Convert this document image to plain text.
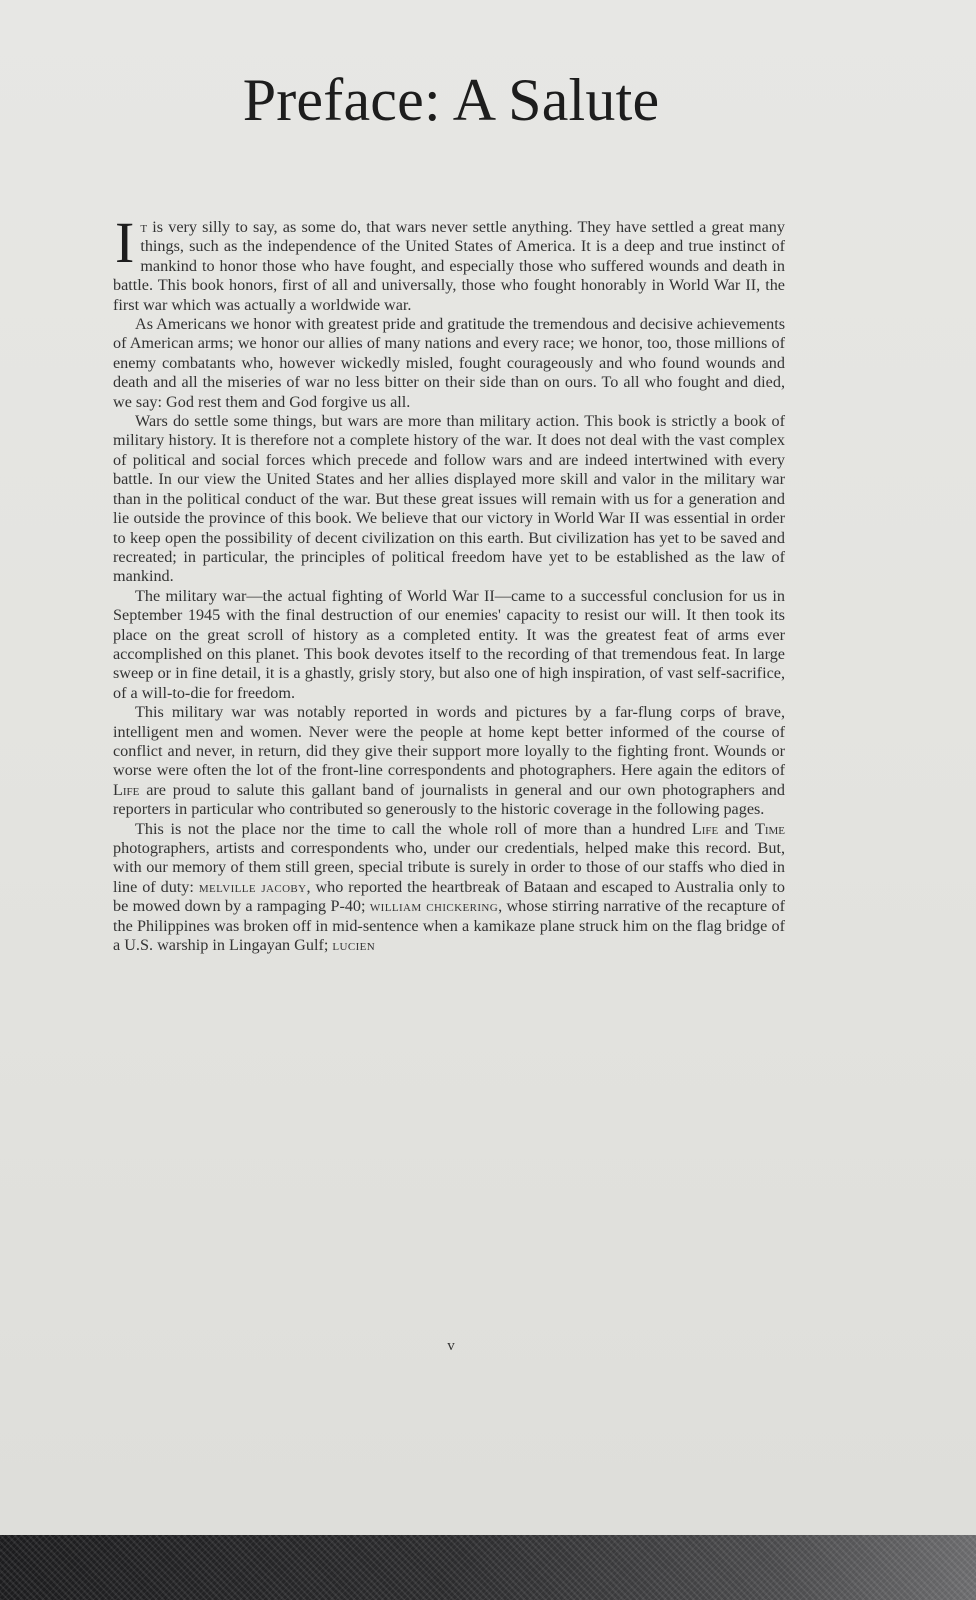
Preface: A Salute

It is very silly to say, as some do, that wars never settle anything. They have settled a great many things, such as the independence of the United States of America. It is a deep and true instinct of mankind to honor those who have fought, and especially those who suffered wounds and death in battle. This book honors, first of all and universally, those who fought honorably in World War II, the first war which was actually a worldwide war.

As Americans we honor with greatest pride and gratitude the tremendous and decisive achievements of American arms; we honor our allies of many nations and every race; we honor, too, those millions of enemy combatants who, however wickedly misled, fought courageously and who found wounds and death and all the miseries of war no less bitter on their side than on ours. To all who fought and died, we say: God rest them and God forgive us all.

Wars do settle some things, but wars are more than military action. This book is strictly a book of military history. It is therefore not a complete history of the war. It does not deal with the vast complex of political and social forces which precede and follow wars and are indeed intertwined with every battle. In our view the United States and her allies displayed more skill and valor in the military war than in the political conduct of the war. But these great issues will remain with us for a generation and lie outside the province of this book. We believe that our victory in World War II was essential in order to keep open the possibility of decent civilization on this earth. But civilization has yet to be saved and recreated; in particular, the principles of political freedom have yet to be established as the law of mankind.

The military war—the actual fighting of World War II—came to a successful conclusion for us in September 1945 with the final destruction of our enemies' capacity to resist our will. It then took its place on the great scroll of history as a completed entity. It was the greatest feat of arms ever accomplished on this planet. This book devotes itself to the recording of that tremendous feat. In large sweep or in fine detail, it is a ghastly, grisly story, but also one of high inspiration, of vast self-sacrifice, of a will-to-die for freedom.

This military war was notably reported in words and pictures by a far-flung corps of brave, intelligent men and women. Never were the people at home kept better informed of the course of conflict and never, in return, did they give their support more loyally to the fighting front. Wounds or worse were often the lot of the front-line correspondents and photographers. Here again the editors of Life are proud to salute this gallant band of journalists in general and our own photographers and reporters in particular who contributed so generously to the historic coverage in the following pages.

This is not the place nor the time to call the whole roll of more than a hundred Life and Time photographers, artists and correspondents who, under our credentials, helped make this record. But, with our memory of them still green, special tribute is surely in order to those of our staffs who died in line of duty: melville jacoby, who reported the heartbreak of Bataan and escaped to Australia only to be mowed down by a rampaging P-40; william chickering, whose stirring narrative of the recapture of the Philippines was broken off in mid-sentence when a kamikaze plane struck him on the flag bridge of a U.S. warship in Lingayan Gulf; lucien

v
